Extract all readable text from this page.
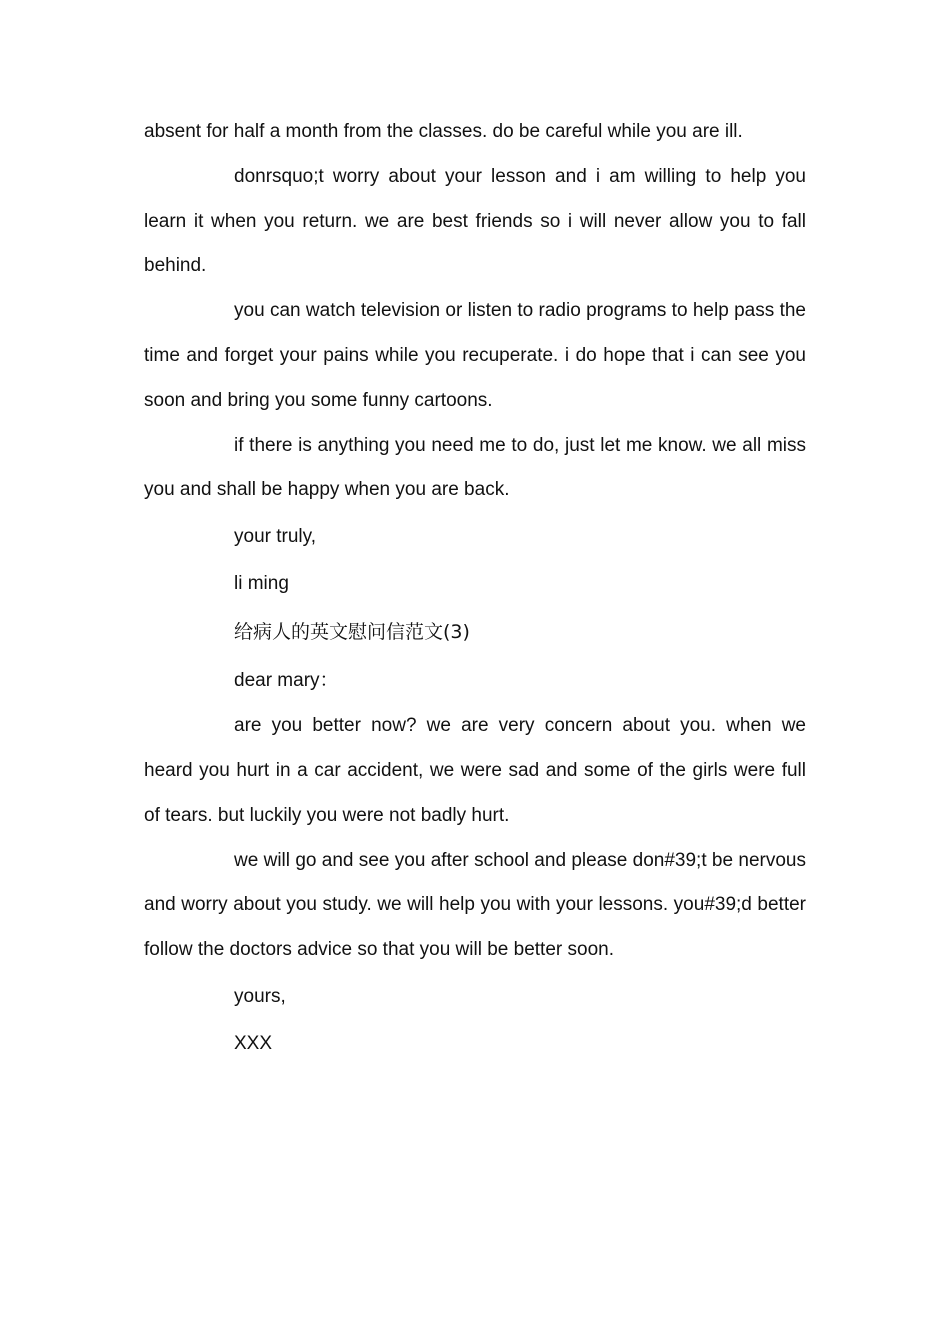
absent for half a month from the classes. do be careful while you are ill.

donrsquo;t worry about your lesson and i am willing to help you learn it when you return. we are best friends so i will never allow you to fall behind.

you can watch television or listen to radio programs to help pass the time and forget your pains while you recuperate. i do hope that i can see you soon and bring you some funny cartoons.

if there is anything you need me to do, just let me know. we all miss you and shall be happy when you are back.

your truly,

li ming

给病人的英文慰问信范文(3)

dear mary：

are you better now? we are very concern about you. when we heard you hurt in a car accident, we were sad and some of the girls were full of tears. but luckily you were not badly hurt.

we will go and see you after school and please don#39;t be nervous and worry about you study. we will help you with your lessons. you#39;d better follow the doctors advice so that you will be better soon.

yours,

XXX
